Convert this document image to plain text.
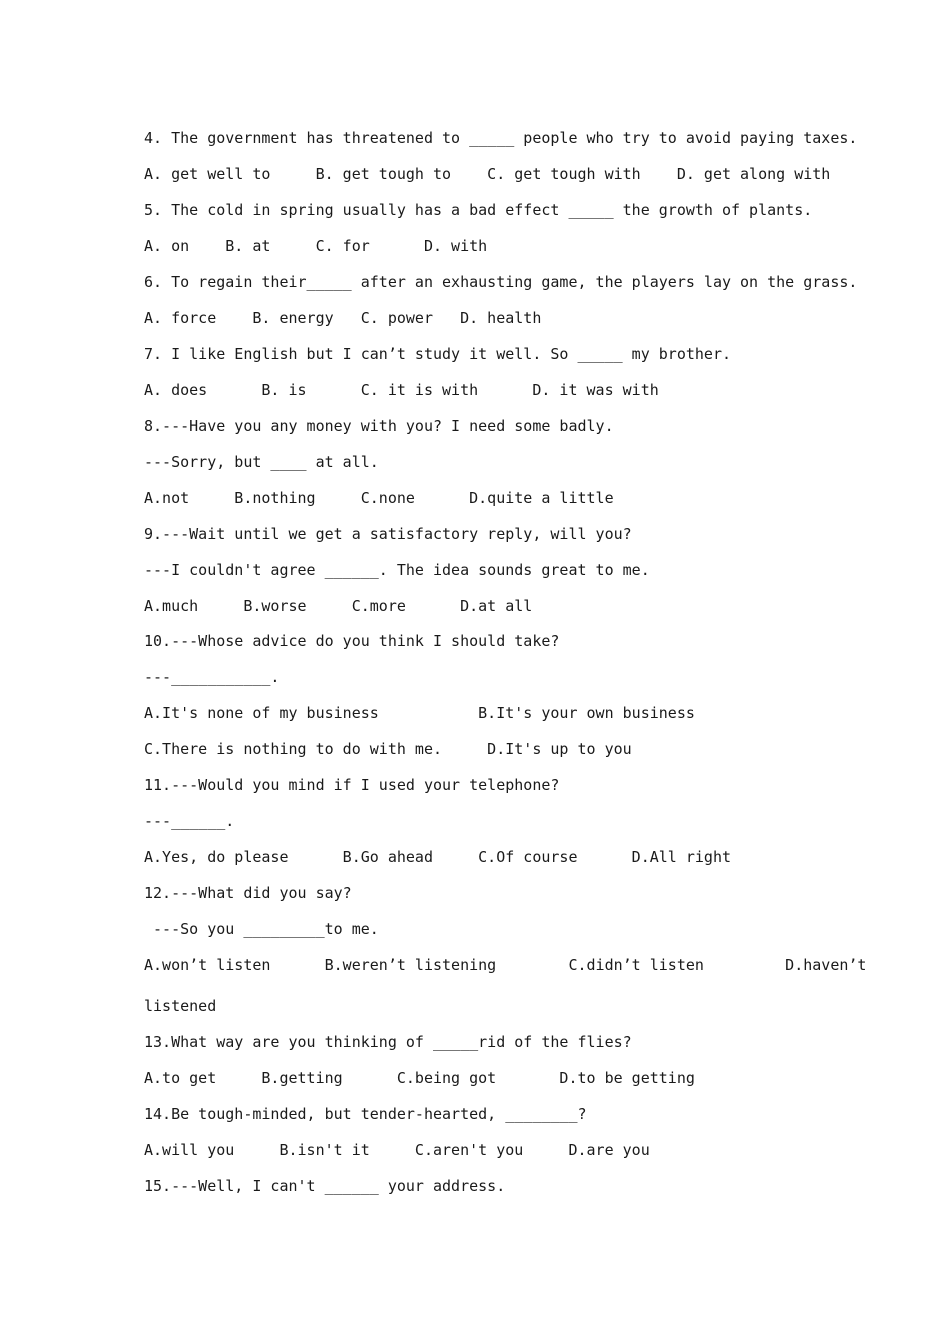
4. The government has threatened to _____ people who try to avoid paying taxes.
A. get well to     B. get tough to    C. get tough with    D. get along with
5. The cold in spring usually has a bad effect _____ the growth of plants.
A. on    B. at     C. for      D. with
6. To regain their_____ after an exhausting game, the players lay on the grass.
A. force    B. energy   C. power   D. health
7. I like English but I can’t study it well. So _____ my brother.
A. does      B. is      C. it is with      D. it was with
8.---Have you any money with you? I need some badly.
---Sorry, but ____ at all.
A.not     B.nothing     C.none      D.quite a little
9.---Wait until we get a satisfactory reply, will you?
---I couldn't agree ______. The idea sounds great to me.
A.much     B.worse     C.more      D.at all
10.---Whose advice do you think I should take?
---___________.
A.It's none of my business           B.It's your own business
C.There is nothing to do with me.     D.It's up to you
11.---Would you mind if I used your telephone?
---______.
A.Yes, do please      B.Go ahead     C.Of course      D.All right
12.---What did you say?
---So you _________to me.
A.won’t listen      B.weren’t listening        C.didn’t listen         D.haven’t
listened
13.What way are you thinking of _____rid of the flies?
A.to get     B.getting      C.being got       D.to be getting
14.Be tough-minded, but tender-hearted, ________?
A.will you     B.isn't it     C.aren't you     D.are you
15.---Well, I can't ______ your address.
